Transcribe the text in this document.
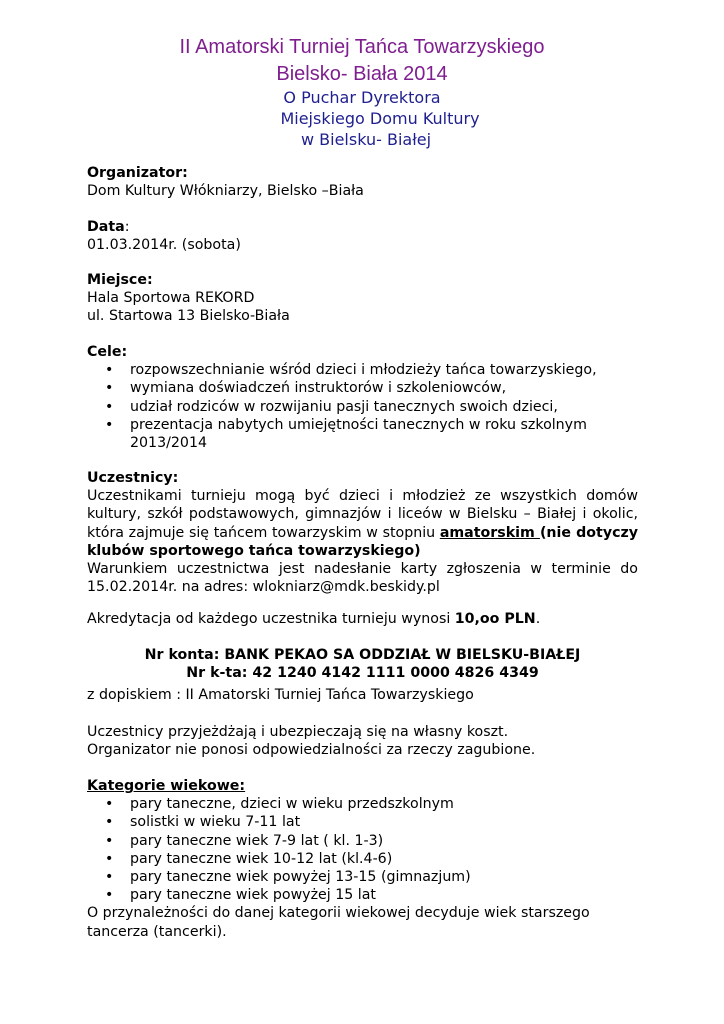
II Amatorski Turniej Tańca Towarzyskiego
Bielsko- Biała 2014
O Puchar Dyrektora
Miejskiego Domu Kultury
w Bielsku- Białej
Organizator:
Dom Kultury Włókniarzy, Bielsko –Biała
Data:
01.03.2014r. (sobota)
Miejsce:
Hala Sportowa REKORD
ul. Startowa 13 Bielsko-Biała
Cele:
• rozpowszechnianie wśród dzieci i młodzieży tańca towarzyskiego,
• wymiana doświadczeń instruktorów i szkoleniowców,
• udział rodziców w rozwijaniu pasji tanecznych swoich dzieci,
• prezentacja nabytych umiejętności tanecznych w roku szkolnym 2013/2014
Uczestnicy:
Uczestnikami turnieju mogą być dzieci i młodzież ze wszystkich domów kultury, szkół podstawowych, gimnazjów i liceów w Bielsku – Białej i okolic, która zajmuje się tańcem towarzyskim w stopniu amatorskim (nie dotyczy klubów sportowego tańca towarzyskiego)
Warunkiem uczestnictwa jest nadesłanie karty zgłoszenia w terminie do 15.02.2014r. na adres: wlokniarz@mdk.beskidy.pl
Akredytacja od każdego uczestnika turnieju wynosi 10,oo PLN.
Nr konta: BANK PEKAO SA ODDZIAŁ W BIELSKU-BIAŁEJ
Nr k-ta: 42 1240 4142 1111 0000 4826 4349
z dopiskiem : II Amatorski Turniej Tańca Towarzyskiego
Uczestnicy przyjeżdżają i ubezpieczają się na własny koszt.
Organizator nie ponosi odpowiedzialności za rzeczy zagubione.
Kategorie wiekowe:
• pary taneczne, dzieci w wieku przedszkolnym
• solistki w wieku 7-11 lat
• pary taneczne wiek 7-9 lat ( kl. 1-3)
• pary taneczne wiek 10-12 lat (kl.4-6)
• pary taneczne wiek powyżej 13-15 (gimnazjum)
• pary taneczne wiek powyżej 15 lat
O przynależności do danej kategorii wiekowej decyduje wiek starszego tancerza (tancerki).
